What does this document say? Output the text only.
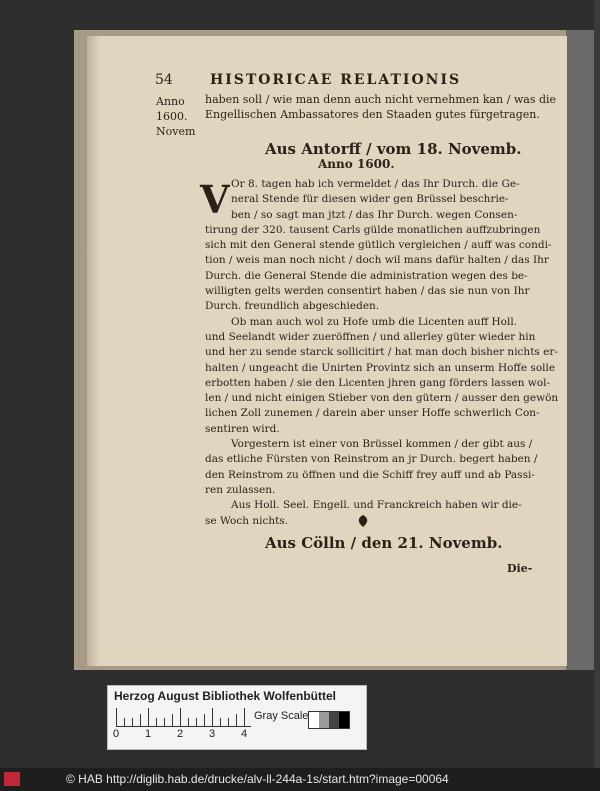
54	HISTORICAE RELATIONIS
Anno
1600.
Novem
haben soll / wie man denn auch nicht vernehmen kan / was die
Engellischen Ambassatores den Staaden gutes fürgetragen.
Aus Antorff / vom 18. Novemb.
Anno 1600.
V Or 8. tagen hab ich vermeldet / das Ihr Durch. die Ge-
neral Stende für diesen wider gen Brüssel beschrie-
ben / so sagt man jtzt / das Ihr Durch. wegen Consen-
tirung der 320. tausent Carls gülde monatlichen auffzubringen
sich mit den General stende gütlich vergleichen / auff was condi-
tion / weis man noch nicht / doch wil mans dafür halten / das Ihr
Durch. die General Stende die administration wegen des be-
willigten gelts werden consentirt haben / das sie nun von Ihr
Durch. freundlich abgeschieden.
Ob man auch wol zu Hofe umb die Licenten auff Holl.
und Seelandt wider zueröffnen / und allerley güter wieder hin
und her zu sende starck sollicitirt / hat man doch bisher nichts er-
halten / ungeacht die Unirten Provintz sich an unserm Hoffe solle
erbotten haben / sie den Licenten jhren gang förders lassen wol-
len / und nicht einigen Stieber von den gütern / ausser den gewön
lichen Zoll zunemen / darein aber unser Hoffe schwerlich Con-
sentiren wird.
Vorgestern ist einer von Brüssel kommen / der gibt aus /
das etliche Fürsten von Reinstrom an jr Durch. begert haben /
den Reinstrom zu öffnen und die Schiff frey auff und ab Passi-
ren zulassen.
Aus Holl. Seel. Engell. und Franckreich haben wir die-
se Woch nichts.
Aus Cölln / den 21. Novemb.
Die-
Herzog August Bibliothek Wolfenbüttel
0 1 2 3 4
Gray Scale
© HAB http://diglib.hab.de/drucke/alv-ll-244a-1s/start.htm?image=00064
